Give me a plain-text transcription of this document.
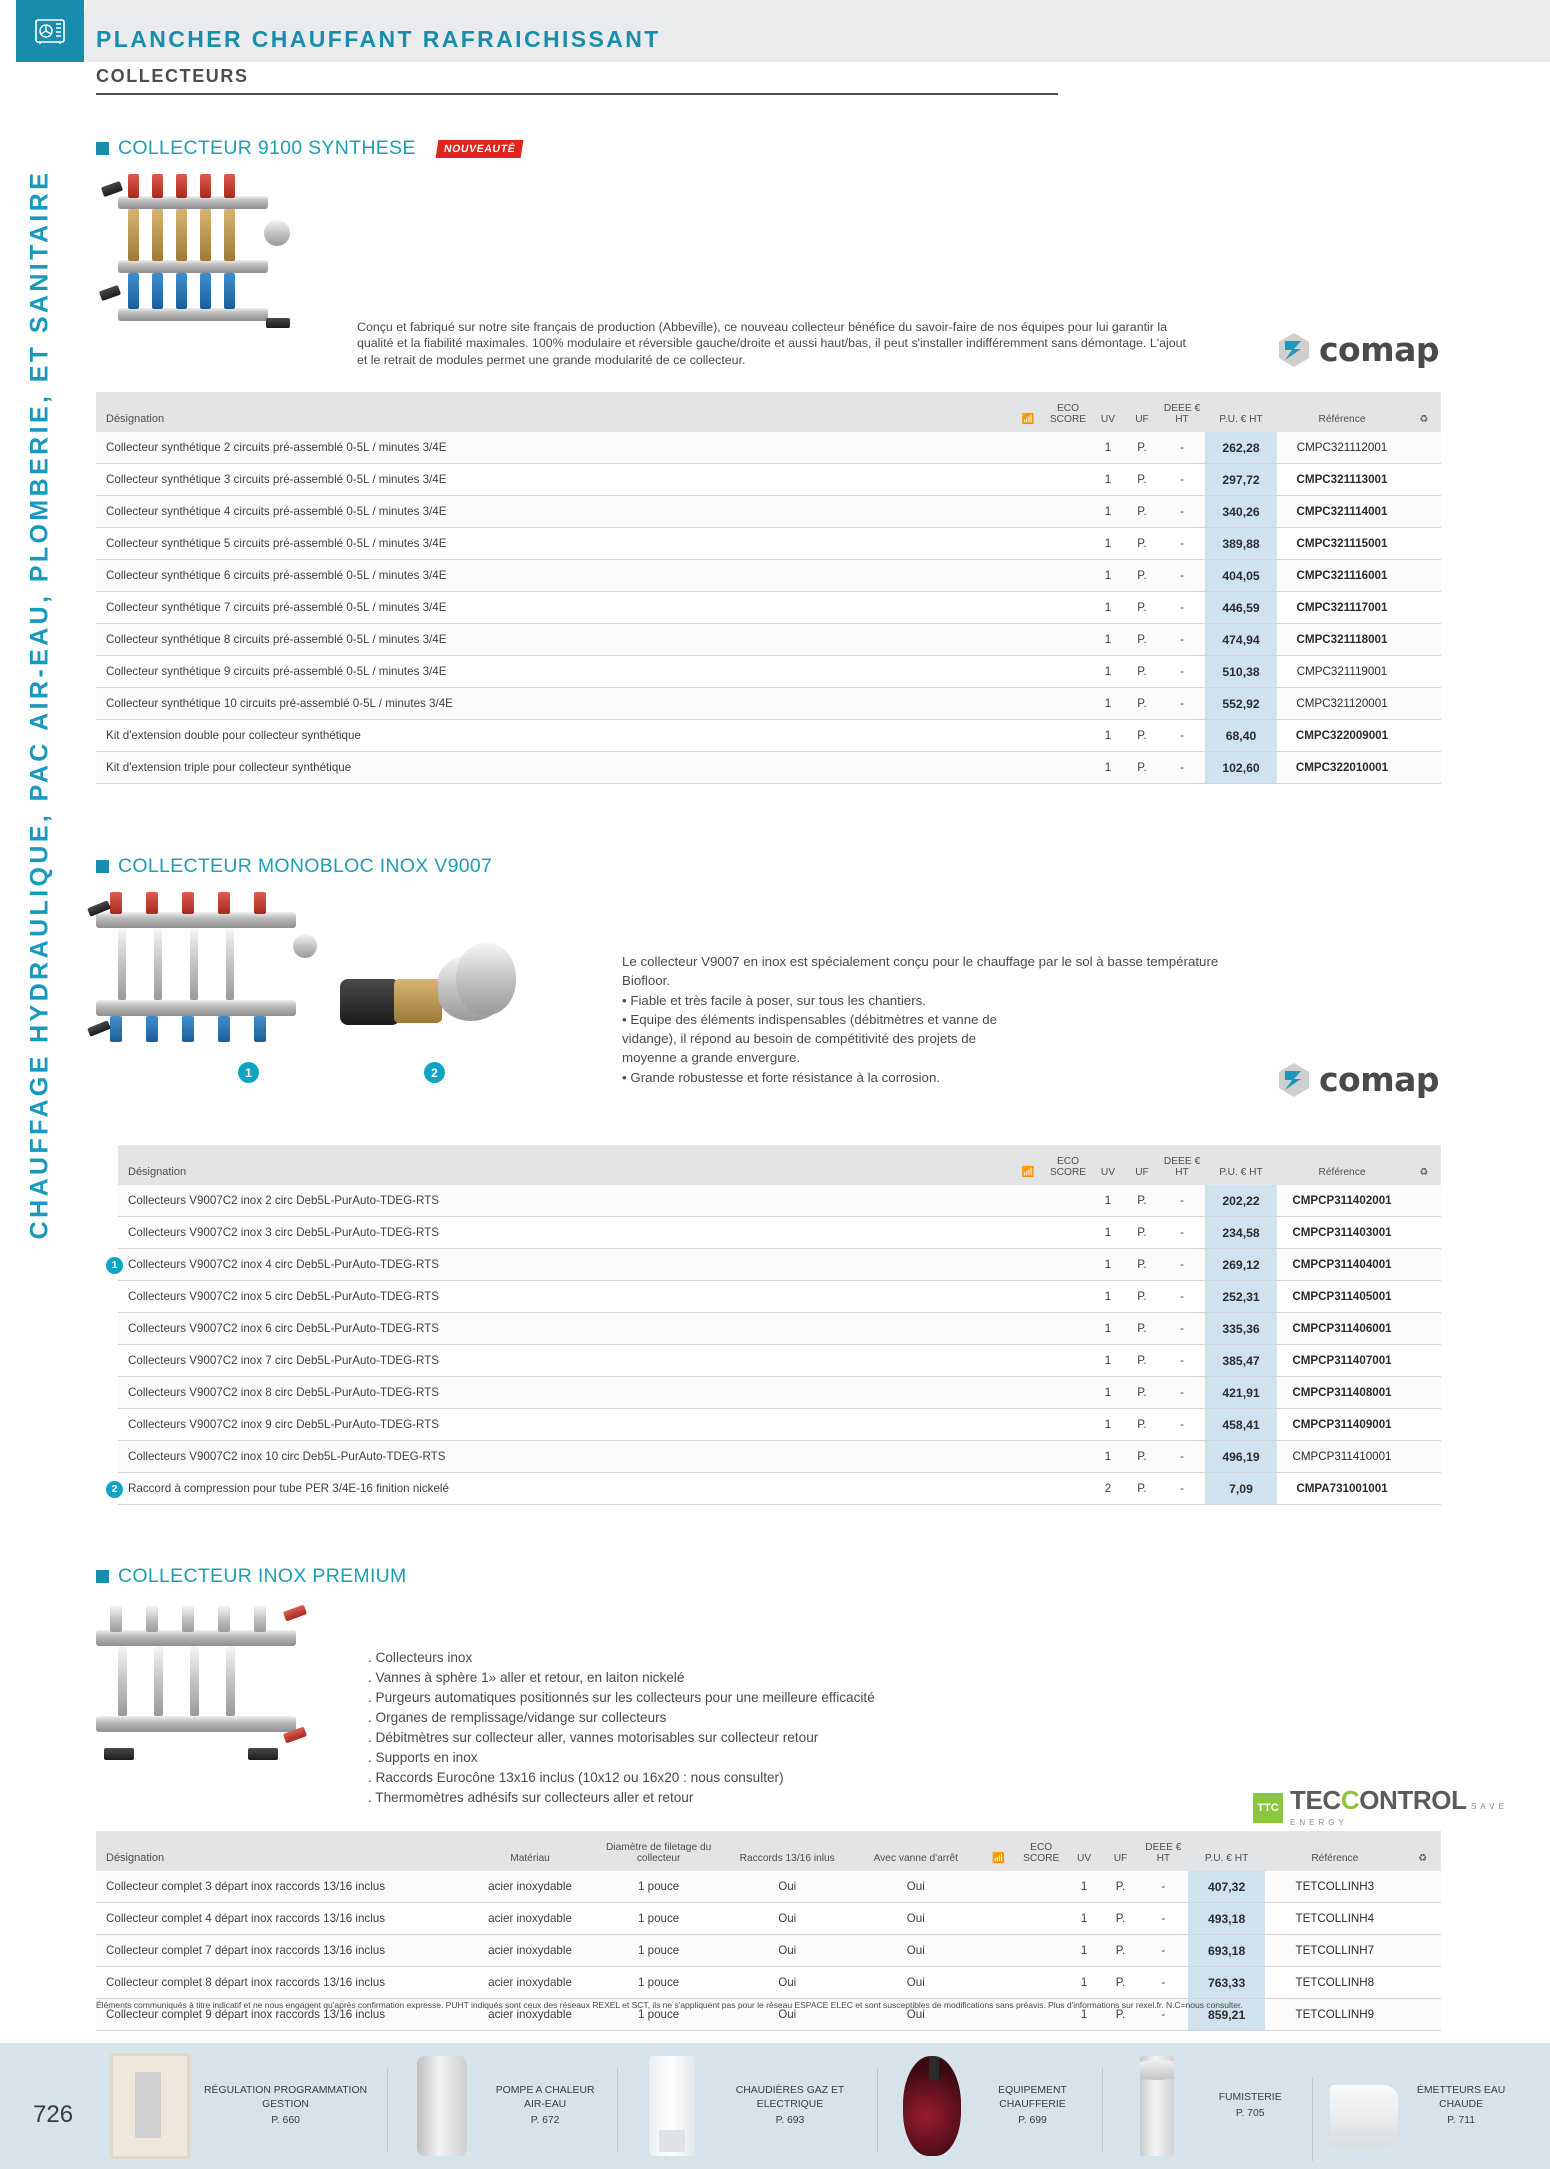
CHAUFFAGE HYDRAULIQUE, PAC AIR-EAU, PLOMBERIE, ET SANITAIRE
PLANCHER CHAUFFANT RAFRAICHISSANT
COLLECTEURS
COLLECTEUR 9100 SYNTHESE	NOUVEAUTÉ

Conçu et fabriqué sur notre site français de production (Abbeville), ce nouveau collecteur bénéfice du savoir-faire de nos équipes pour lui garantir la qualité et la fiabilité maximales. 100% modulaire et réversible gauche/droite et aussi haut/bas, il peut s'installer indifféremment sans démontage. L'ajout et le retrait de modules permet une grande modularité de ce collecteur.	comap
Désignation		📶	ECO SCORE	UV	UF	DEEE € HT	P.U. € HT	Référence	♻
Collecteur synthétique 2 circuits pré-assemblé 0-5L / minutes 3/4E				1	P.	-	262,28	CMPC321112001	
Collecteur synthétique 3 circuits pré-assemblé 0-5L / minutes 3/4E				1	P.	-	297,72	CMPC321113001	
Collecteur synthétique 4 circuits pré-assemblé 0-5L / minutes 3/4E				1	P.	-	340,26	CMPC321114001	
Collecteur synthétique 5 circuits pré-assemblé 0-5L / minutes 3/4E				1	P.	-	389,88	CMPC321115001	
Collecteur synthétique 6 circuits pré-assemblé 0-5L / minutes 3/4E				1	P.	-	404,05	CMPC321116001	
Collecteur synthétique 7 circuits pré-assemblé 0-5L / minutes 3/4E				1	P.	-	446,59	CMPC321117001	
Collecteur synthétique 8 circuits pré-assemblé 0-5L / minutes 3/4E				1	P.	-	474,94	CMPC321118001	
Collecteur synthétique 9 circuits pré-assemblé 0-5L / minutes 3/4E				1	P.	-	510,38	CMPC321119001	
Collecteur synthétique 10 circuits pré-assemblé 0-5L / minutes 3/4E				1	P.	-	552,92	CMPC321120001	
Kit d'extension double pour collecteur synthétique				1	P.	-	68,40	CMPC322009001	
Kit d'extension triple pour collecteur synthétique				1	P.	-	102,60	CMPC322010001	
COLLECTEUR MONOBLOC INOX V9007
1	2

Le collecteur V9007 en inox est spécialement conçu pour le chauffage par le sol à basse température

Biofloor.

• Fiable et très facile à poser, sur tous les chantiers.

• Equipe des éléments indispensables (débitmètres et vanne de

vidange), il répond au besoin de compétitivité des projets de

moyenne a grande envergure.

• Grande robustesse et forte résistance à la corrosion.	comap
Désignation		📶	ECO SCORE	UV	UF	DEEE € HT	P.U. € HT	Référence	♻

Collecteurs V9007C2 inox 2 circ Deb5L-PurAuto-TDEG-RTS				1	P.	-	202,22	CMPCP311402001	

Collecteurs V9007C2 inox 3 circ Deb5L-PurAuto-TDEG-RTS				1	P.	-	234,58	CMPCP311403001	

1 Collecteurs V9007C2 inox 4 circ Deb5L-PurAuto-TDEG-RTS				1	P.	-	269,12	CMPCP311404001	

Collecteurs V9007C2 inox 5 circ Deb5L-PurAuto-TDEG-RTS				1	P.	-	252,31	CMPCP311405001	

Collecteurs V9007C2 inox 6 circ Deb5L-PurAuto-TDEG-RTS				1	P.	-	335,36	CMPCP311406001	

Collecteurs V9007C2 inox 7 circ Deb5L-PurAuto-TDEG-RTS				1	P.	-	385,47	CMPCP311407001	

Collecteurs V9007C2 inox 8 circ Deb5L-PurAuto-TDEG-RTS				1	P.	-	421,91	CMPCP311408001	

Collecteurs V9007C2 inox 9 circ Deb5L-PurAuto-TDEG-RTS				1	P.	-	458,41	CMPCP311409001	

Collecteurs V9007C2 inox 10 circ Deb5L-PurAuto-TDEG-RTS				1	P.	-	496,19	CMPCP311410001	

2 Raccord à compression pour tube PER 3/4E-16 finition nickelé				2	P.	-	7,09	CMPA731001001	
COLLECTEUR INOX PREMIUM
. Collecteurs inox
. Vannes à sphère 1» aller et retour, en laiton nickelé
. Purgeurs automatiques positionnés sur les collecteurs pour une meilleure efficacité
. Organes de remplissage/vidange sur collecteurs
. Débitmètres sur collecteur aller, vannes motorisables sur collecteur retour
. Supports en inox
. Raccords Eurocône 13x16 inclus (10x12 ou 16x20 : nous consulter)
. Thermomètres adhésifs sur collecteurs aller et retour
TTC TECCONTROL SAVE ENERGY
Désignation	Matériau	Diamètre de filetage du collecteur	Raccords 13/16 inlus	Avec vanne d'arrêt	📶	ECO SCORE	UV	UF	DEEE € HT	P.U. € HT	Référence	♻
Collecteur complet 3 départ inox raccords 13/16 inclus	acier inoxydable	1 pouce	Oui	Oui			1	P.	-	407,32	TETCOLLINH3	
Collecteur complet 4 départ inox raccords 13/16 inclus	acier inoxydable	1 pouce	Oui	Oui			1	P.	-	493,18	TETCOLLINH4	
Collecteur complet 7 départ inox raccords 13/16 inclus	acier inoxydable	1 pouce	Oui	Oui			1	P.	-	693,18	TETCOLLINH7	
Collecteur complet 8 départ inox raccords 13/16 inclus	acier inoxydable	1 pouce	Oui	Oui			1	P.	-	763,33	TETCOLLINH8	
Collecteur complet 9 départ inox raccords 13/16 inclus	acier inoxydable	1 pouce	Oui	Oui			1	P.	-	859,21	TETCOLLINH9	
Éléments communiqués à titre indicatif et ne nous engagent qu'après confirmation expresse. PUHT indiqués sont ceux des réseaux REXEL et SCT, ils ne s'appliquent pas pour le réseau ESPACE ELEC et sont susceptibles de modifications sans préavis. Plus d'informations sur rexel.fr. N.C=nous consulter.
726
RÉGULATION PROGRAMMATION GESTION
P. 660
POMPE A CHALEUR AIR-EAU
P. 672
CHAUDIÈRES GAZ ET ELECTRIQUE
P. 693
EQUIPEMENT CHAUFFERIE
P. 699
FUMISTERIE
P. 705
ÉMETTEURS EAU CHAUDE
P. 711
